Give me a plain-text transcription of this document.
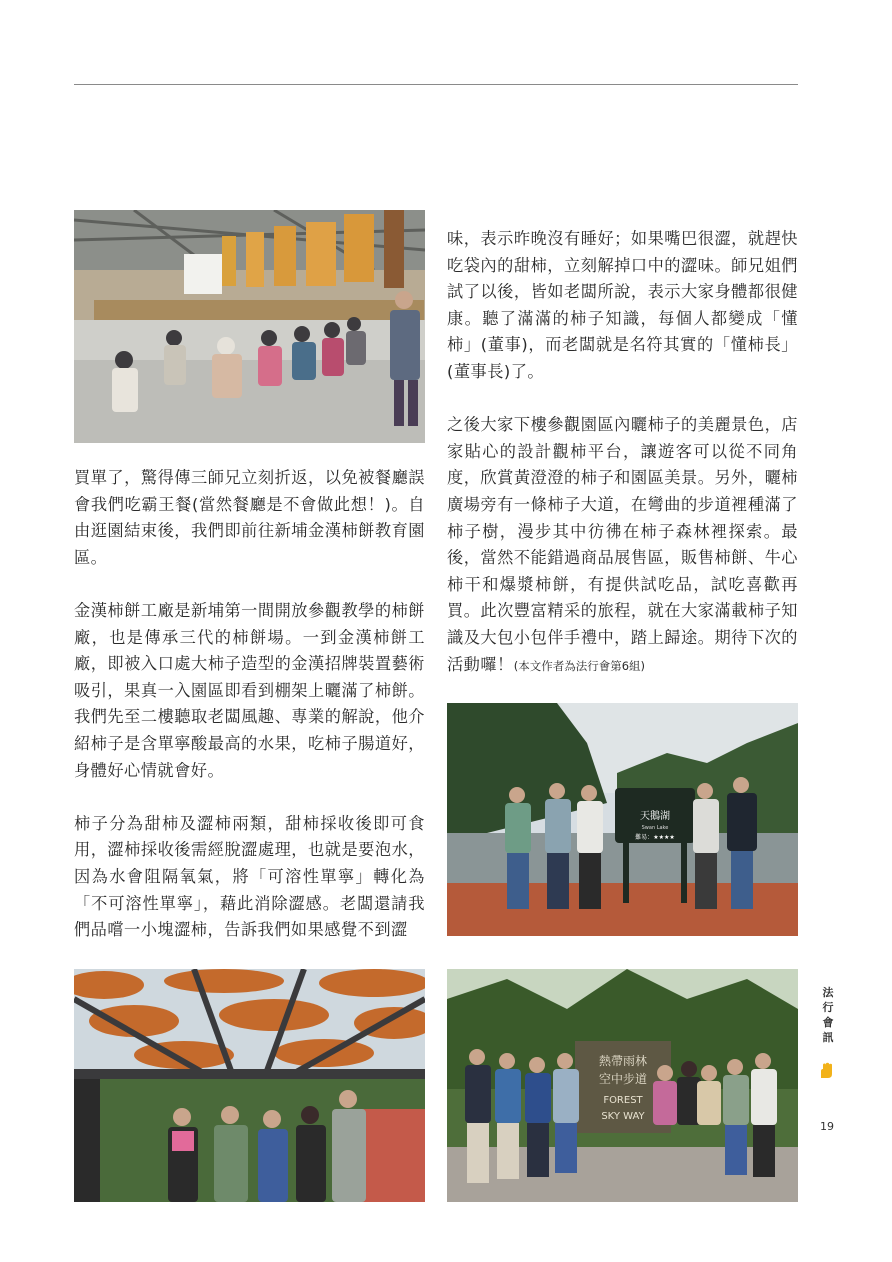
買單了，驚得傳三師兄立刻折返，以免被餐廳誤會我們吃霸王餐(當然餐廳是不會做此想！)。自由逛園結束後，我們即前往新埔金漢柿餅教育園區。

金漢柿餅工廠是新埔第一間開放參觀教學的柿餅廠，也是傳承三代的柿餅場。一到金漢柿餅工廠，即被入口處大柿子造型的金漢招牌裝置藝術吸引，果真一入園區即看到棚架上曬滿了柿餅。我們先至二樓聽取老闆風趣、專業的解說，他介紹柿子是含單寧酸最高的水果，吃柿子腸道好，身體好心情就會好。

柿子分為甜柿及澀柿兩類，甜柿採收後即可食用，澀柿採收後需經脫澀處理，也就是要泡水，因為水會阻隔氧氣，將「可溶性單寧」轉化為「不可溶性單寧」，藉此消除澀感。老闆還請我們品嚐一小塊澀柿，告訴我們如果感覺不到澀

味，表示昨晚沒有睡好；如果嘴巴很澀，就趕快吃袋內的甜柿，立刻解掉口中的澀味。師兄姐們試了以後，皆如老闆所說，表示大家身體都很健康。聽了滿滿的柿子知識，每個人都變成「懂柿」(董事)，而老闆就是名符其實的「懂柿長」(董事長)了。

之後大家下樓參觀園區內曬柿子的美麗景色，店家貼心的設計觀柿平台，讓遊客可以從不同角度，欣賞黃澄澄的柿子和園區美景。另外，曬柿廣場旁有一條柿子大道，在彎曲的步道裡種滿了柿子樹，漫步其中彷彿在柿子森林裡探索。最後，當然不能錯過商品展售區，販售柿餅、牛心柿干和爆漿柿餅，有提供試吃品，試吃喜歡再買。此次豐富精采的旅程，就在大家滿載柿子知識及大包小包伴手禮中，踏上歸途。期待下次的活動囉！(本文作者為法行會第6組)

天鵝湖
Swan Lake
難易：★★★★
熱帶雨林
空中步道
FOREST
SKY WAY
法
行
會
訊
19
